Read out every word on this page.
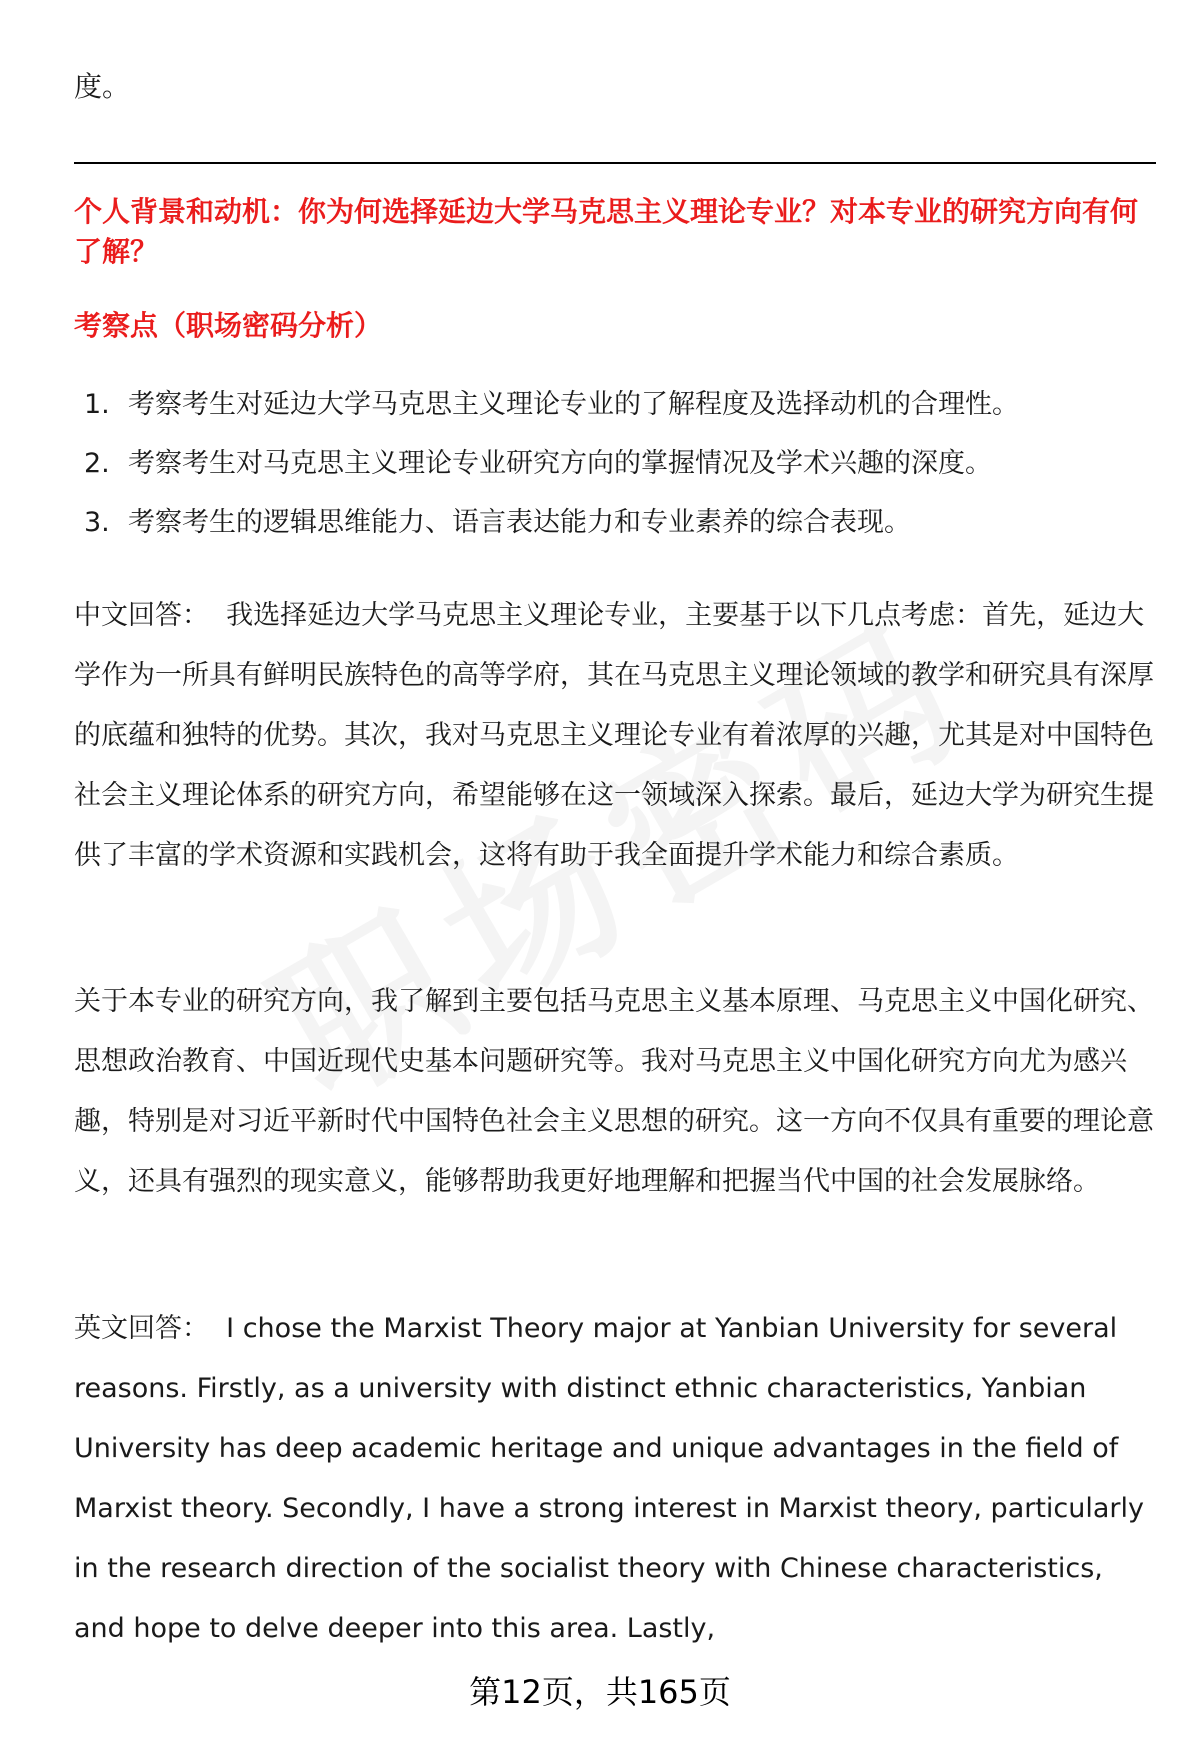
度。
个人背景和动机：你为何选择延边大学马克思主义理论专业？对本专业的研究方向有何了解？
考察点（职场密码分析）
1. 考察考生对延边大学马克思主义理论专业的了解程度及选择动机的合理性。
2. 考察考生对马克思主义理论专业研究方向的掌握情况及学术兴趣的深度。
3. 考察考生的逻辑思维能力、语言表达能力和专业素养的综合表现。
中文回答： 我选择延边大学马克思主义理论专业，主要基于以下几点考虑：首先，延边大学作为一所具有鲜明民族特色的高等学府，其在马克思主义理论领域的教学和研究具有深厚的底蕴和独特的优势。其次，我对马克思主义理论专业有着浓厚的兴趣，尤其是对中国特色社会主义理论体系的研究方向，希望能够在这一领域深入探索。最后，延边大学为研究生提供了丰富的学术资源和实践机会，这将有助于我全面提升学术能力和综合素质。
关于本专业的研究方向，我了解到主要包括马克思主义基本原理、马克思主义中国化研究、思想政治教育、中国近现代史基本问题研究等。我对马克思主义中国化研究方向尤为感兴趣，特别是对习近平新时代中国特色社会主义思想的研究。这一方向不仅具有重要的理论意义，还具有强烈的现实意义，能够帮助我更好地理解和把握当代中国的社会发展脉络。
英文回答： I chose the Marxist Theory major at Yanbian University for several reasons. Firstly, as a university with distinct ethnic characteristics, Yanbian University has deep academic heritage and unique advantages in the field of Marxist theory. Secondly, I have a strong interest in Marxist theory, particularly in the research direction of the socialist theory with Chinese characteristics, and hope to delve deeper into this area. Lastly,
第12页，共165页
